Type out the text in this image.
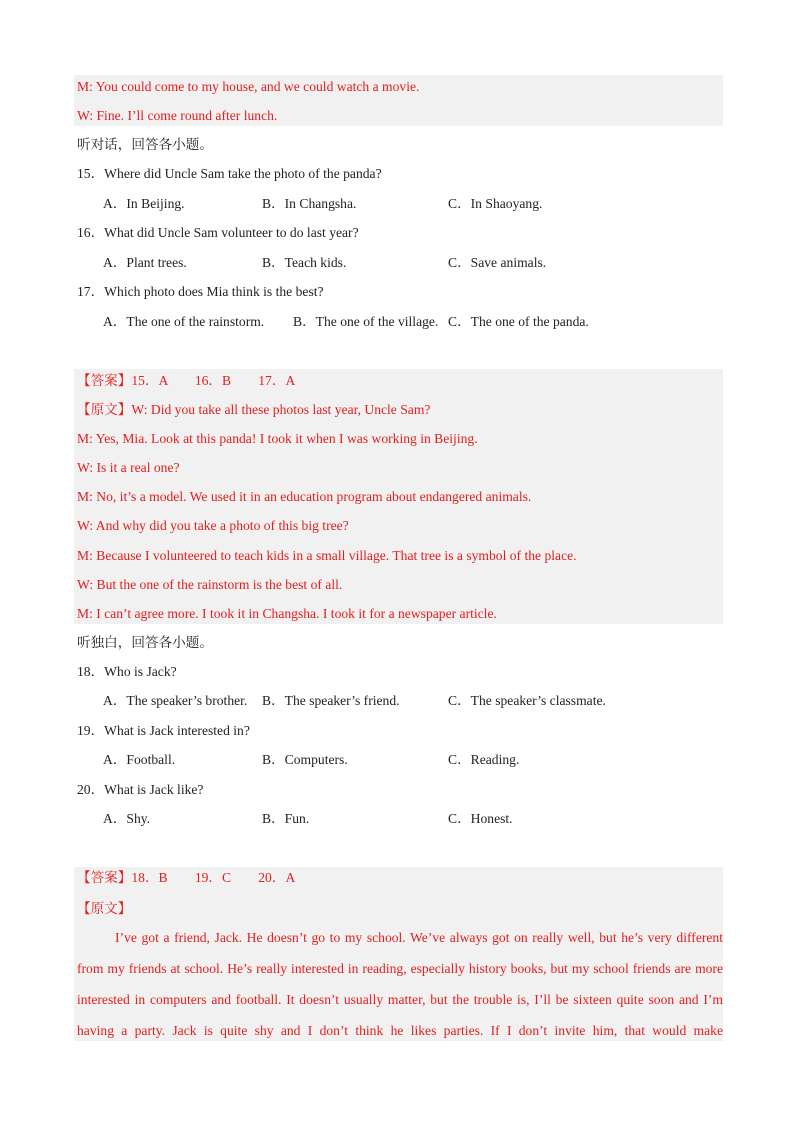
M: You could come to my house, and we could watch a movie.
W: Fine. I’ll come round after lunch.
听对话，回答各小题。
15．Where did Uncle Sam take the photo of the panda?
A．In Beijing.	B．In Changsha.	C．In Shaoyang.
16．What did Uncle Sam volunteer to do last year?
A．Plant trees.	B．Teach kids.	C．Save animals.
17．Which photo does Mia think is the best?
A．The one of the rainstorm. B．The one of the village. C．The one of the panda.
【答案】15．A　　16．B　　17．A
【原文】W: Did you take all these photos last year, Uncle Sam?
M: Yes, Mia. Look at this panda! I took it when I was working in Beijing.
W: Is it a real one?
M: No, it’s a model. We used it in an education program about endangered animals.
W: And why did you take a photo of this big tree?
M: Because I volunteered to teach kids in a small village. That tree is a symbol of the place.
W: But the one of the rainstorm is the best of all.
M: I can’t agree more. I took it in Changsha. I took it for a newspaper article.
听独白，回答各小题。
18．Who is Jack?
A．The speaker’s brother. B．The speaker’s friend.	C．The speaker’s classmate.
19．What is Jack interested in?
A．Football.	B．Computers.	C．Reading.
20．What is Jack like?
A．Shy.	B．Fun.	C．Honest.
【答案】18．B　　19．C　　20．A
【原文】
I’ve got a friend, Jack. He doesn’t go to my school. We’ve always got on really well, but he’s very different from my friends at school. He’s really interested in reading, especially history books, but my school friends are more interested in computers and football. It doesn’t usually matter, but the trouble is, I’ll be sixteen quite soon and I’m having a party. Jack is quite shy and I don’t think he likes parties. If I don’t invite him, that would make
